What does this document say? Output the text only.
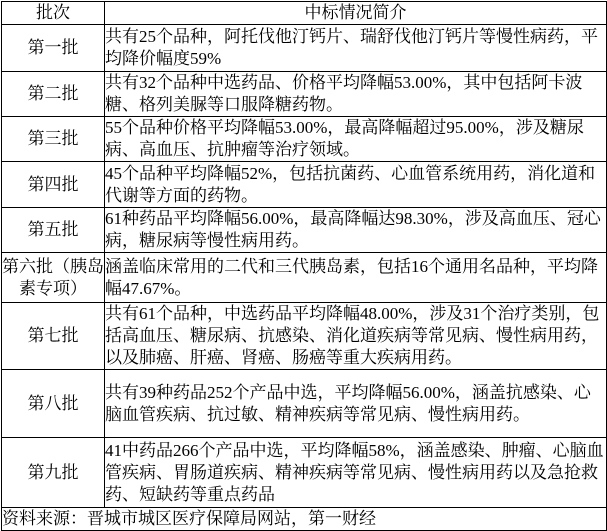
批次	中标情况简介
第一批	共有25个品种，阿托伐他汀钙片、瑞舒伐他汀钙片等慢性病药，平均降价幅度59%
第二批	共有32个品种中选药品、价格平均降幅53.00%，其中包括阿卡波糖、格列美脲等口服降糖药物。
第三批	55个品种价格平均降幅53.00%，最高降幅超过95.00%，涉及糖尿病、高血压、抗肿瘤等治疗领域。
第四批	45个品种平均降幅52%，包括抗菌药、心血管系统用药，消化道和代谢等方面的药物。
第五批	61种药品平均降幅56.00%，最高降幅达98.30%，涉及高血压、冠心病，糖尿病等慢性病用药。
第六批（胰岛素专项）	涵盖临床常用的二代和三代胰岛素，包括16个通用名品种，平均降幅47.67%。
第七批	共有61个品种，中选药品平均降幅48.00%，涉及31个治疗类别，包括高血压、糖尿病、抗感染、消化道疾病等常见病、慢性病用药，以及肺癌、肝癌、肾癌、肠癌等重大疾病用药。
第八批	共有39种药品252个产品中选，平均降幅56.00%，涵盖抗感染、心脑血管疾病、抗过敏、精神疾病等常见病、慢性病用药。
第九批	41中药品266个产品中选，平均降幅58%，涵盖感染、肿瘤、心脑血管疾病、胃肠道疾病、精神疾病等常见病、慢性病用药以及急抢救药、短缺药等重点药品
资料来源：晋城市城区医疗保障局网站，第一财经	
